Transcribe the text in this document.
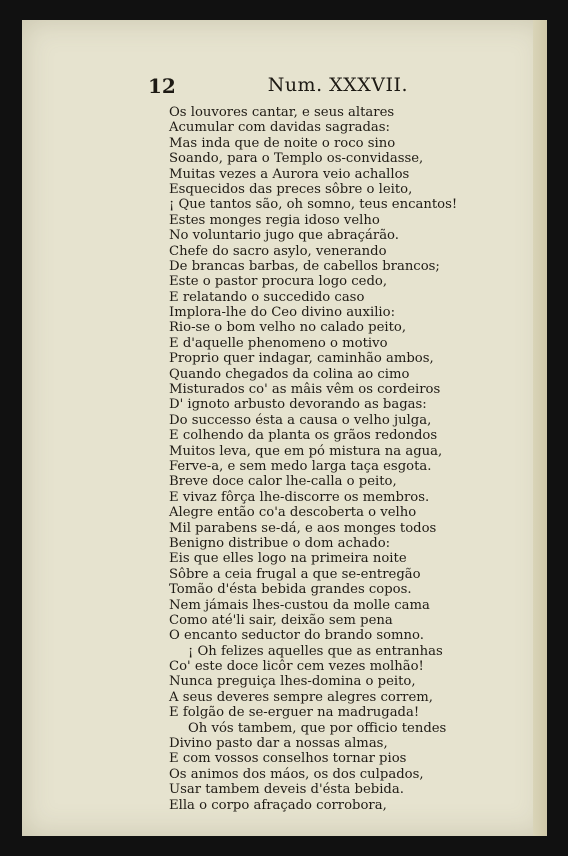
12	Num. XXXVII.
Os louvores cantar, e seus altares
Acumular com davidas sagradas:
Mas inda que de noite o roco sino
Soando, para o Templo os-convidasse,
Muitas vezes a Aurora veio achallos
Esquecidos das preces sôbre o leito,
¡ Que tantos são, oh somno, teus encantos!
Estes monges regia idoso velho
No voluntario jugo que abraçárão.
Chefe do sacro asylo, venerando
De brancas barbas, de cabellos brancos;
Este o pastor procura logo cedo,
E relatando o succedido caso
Implora-lhe do Ceo divino auxilio:
Rio-se o bom velho no calado peito,
E d'aquelle phenomeno o motivo
Proprio quer indagar, caminhão ambos,
Quando chegados da colina ao cimo
Misturados co' as mâis vêm os cordeiros
D' ignoto arbusto devorando as bagas:
Do successo ésta a causa o velho julga,
E colhendo da planta os grãos redondos
Muitos leva, que em pó mistura na agua,
Ferve-a, e sem medo larga taça esgota.
Breve doce calor lhe-calla o peito,
E vivaz fôrça lhe-discorre os membros.
Alegre então co'a descoberta o velho
Mil parabens se-dá, e aos monges todos
Benigno distribue o dom achado:
Eis que elles logo na primeira noite
Sôbre a ceia frugal a que se-entregão
Tomão d'ésta bebida grandes copos.
Nem jámais lhes-custou da molle cama
Como até'li sair, deixão sem pena
O encanto seductor do brando somno.
¡ Oh felizes aquelles que as entranhas
Co' este doce licôr cem vezes molhão!
Nunca preguiça lhes-domina o peito,
A seus deveres sempre alegres correm,
E folgão de se-erguer na madrugada!
Oh vós tambem, que por officio tendes
Divino pasto dar a nossas almas,
E com vossos conselhos tornar pios
Os animos dos máos, os dos culpados,
Usar tambem deveis d'ésta bebida.
Ella o corpo afraçado corrobora,
